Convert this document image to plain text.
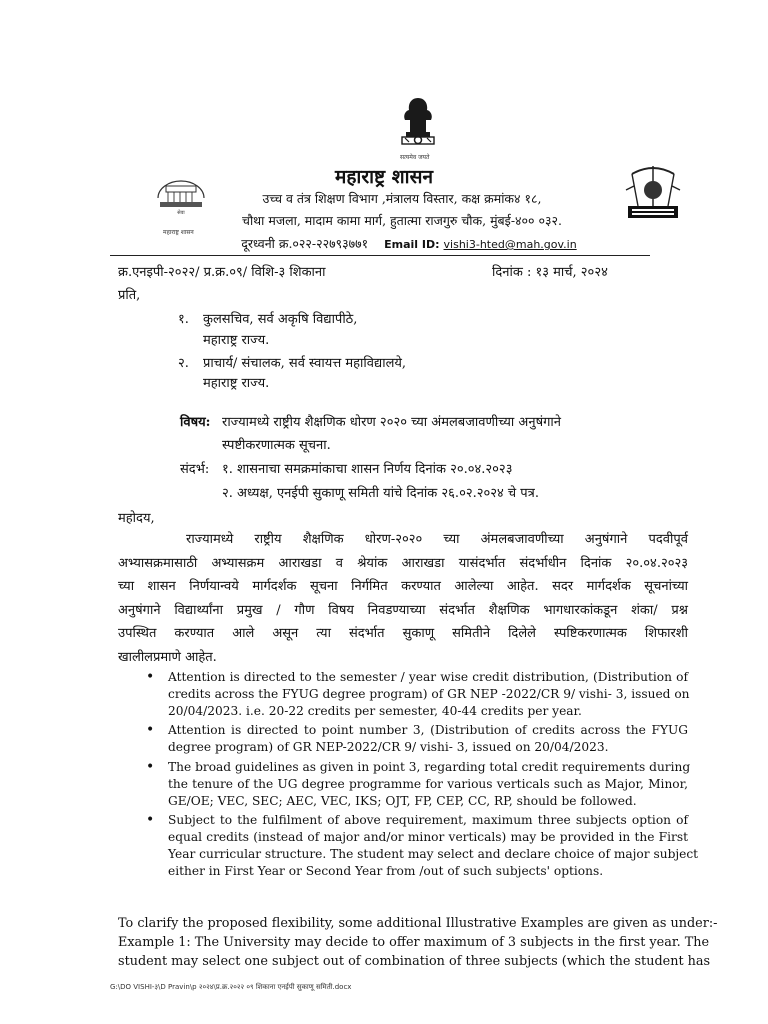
सत्यमेव जयते
सेवा
महाराष्ट्र शासन
महाराष्ट्र शासन
उच्च व तंत्र शिक्षण विभाग ,मंत्रालय विस्तार, कक्ष क्रमांक४ १८,
चौथा मजला, मादाम कामा मार्ग, हुतात्मा राजगुरु चौक, मुंबई-४०० ०३२.
दूरध्वनी क्र.०२२-२२७९३७७१ Email ID: vishi3-hted@mah.gov.in
क्र.एनइपी-२०२२/ प्र.क्र.०९/ विशि-३ शिकाना	दिनांक : १३ मार्च, २०२४
प्रति,
१. कुलसचिव, सर्व अकृषि विद्यापीठे,
महाराष्ट्र राज्य.
२. प्राचार्य/ संचालक, सर्व स्वायत्त महाविद्यालये,
महाराष्ट्र राज्य.
विषय: राज्यामध्ये राष्ट्रीय शैक्षणिक धोरण २०२० च्या अंमलबजावणीच्या अनुषंगाने
स्पष्टीकरणात्मक सूचना.
संदर्भ: १. शासनाचा समक्रमांकाचा शासन निर्णय दिनांक २०.०४.२०२३
२. अध्यक्ष, एनईपी सुकाणू समिती यांचे दिनांक २६.०२.२०२४ चे पत्र.
महोदय,
राज्यामध्ये राष्ट्रीय शैक्षणिक धोरण-२०२० च्या अंमलबजावणीच्या अनुषंगाने पदवीपूर्व
अभ्यासक्रमासाठी अभ्यासक्रम आराखडा व श्रेयांक आराखडा यासंदर्भात संदर्भाधीन दिनांक २०.०४.२०२३
च्या शासन निर्णयान्वये मार्गदर्शक सूचना निर्गमित करण्यात आलेल्या आहेत. सदर मार्गदर्शक सूचनांच्या
अनुषंगाने विद्यार्थ्यांना प्रमुख / गौण विषय निवडण्याच्या संदर्भात शैक्षणिक भागधारकांकडून शंका/ प्रश्न
उपस्थित करण्यात आले असून त्या संदर्भात सुकाणू समितीने दिलेले स्पष्टिकरणात्मक शिफारशी
खालीलप्रमाणे आहेत.
• Attention is directed to the semester / year wise credit distribution, (Distribution of
credits across the FYUG degree program) of GR NEP -2022/CR 9/ vishi- 3, issued on
20/04/2023. i.e. 20-22 credits per semester, 40-44 credits per year.
• Attention is directed to point number 3, (Distribution of credits across the FYUG
degree program) of GR NEP-2022/CR 9/ vishi- 3, issued on 20/04/2023.
• The broad guidelines as given in point 3, regarding total credit requirements during
the tenure of the UG degree programme for various verticals such as Major, Minor,
GE/OE; VEC, SEC; AEC, VEC, IKS; OJT, FP, CEP, CC, RP, should be followed.
• Subject to the fulfilment of above requirement, maximum three subjects option of
equal credits (instead of major and/or minor verticals) may be provided in the First
Year curricular structure. The student may select and declare choice of major subject
either in First Year or Second Year from /out of such subjects' options.
To clarify the proposed flexibility, some additional Illustrative Examples are given as under:-
Example 1: The University may decide to offer maximum of 3 subjects in the first year. The
student may select one subject out of combination of three subjects (which the student has
G:\DO VISHI-३\D Pravin\p २०२४\प्र.क्र.२०२२ ०९ शिकाना एनईपी सुकाणू समिती.docx
